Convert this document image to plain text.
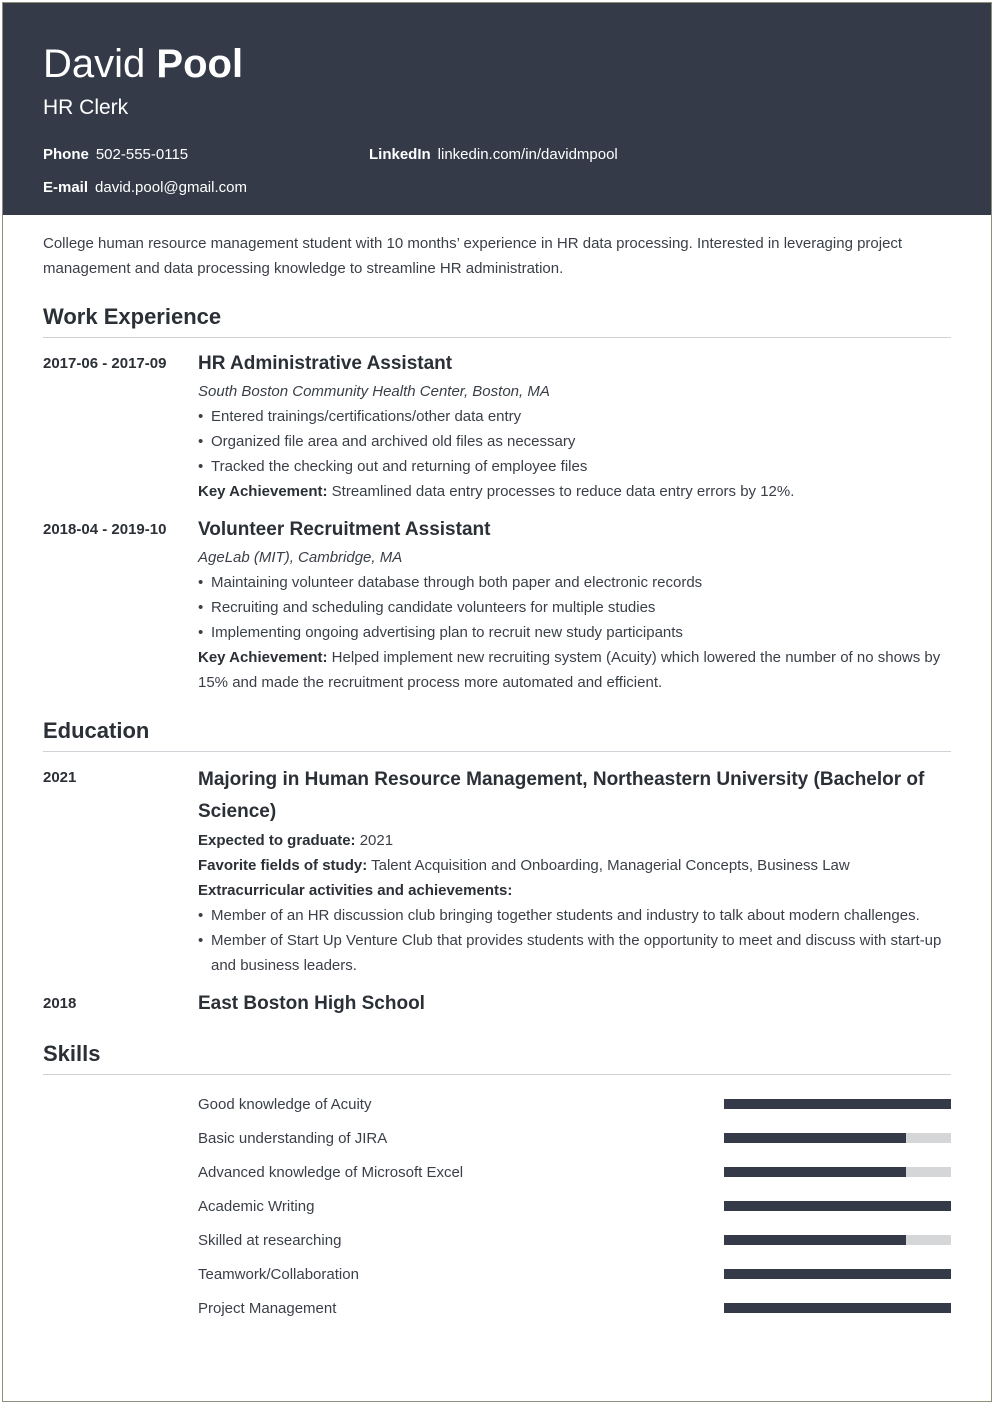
David Pool
HR Clerk
Phone 502-555-0115	LinkedIn linkedin.com/in/davidmpool
E-mail david.pool@gmail.com
College human resource management student with 10 months’ experience in HR data processing. Interested in leveraging project management and data processing knowledge to streamline HR administration.
Work Experience
2017-06 - 2017-09	HR Administrative Assistant
South Boston Community Health Center, Boston, MA
• Entered trainings/certifications/other data entry
• Organized file area and archived old files as necessary
• Tracked the checking out and returning of employee files
Key Achievement: Streamlined data entry processes to reduce data entry errors by 12%.
2018-04 - 2019-10	Volunteer Recruitment Assistant
AgeLab (MIT), Cambridge, MA
• Maintaining volunteer database through both paper and electronic records
• Recruiting and scheduling candidate volunteers for multiple studies
• Implementing ongoing advertising plan to recruit new study participants
Key Achievement: Helped implement new recruiting system (Acuity) which lowered the number of no shows by 15% and made the recruitment process more automated and efficient.
Education
2021	Majoring in Human Resource Management, Northeastern University (Bachelor of Science)
Expected to graduate: 2021
Favorite fields of study: Talent Acquisition and Onboarding, Managerial Concepts, Business Law
Extracurricular activities and achievements:
• Member of an HR discussion club bringing together students and industry to talk about modern challenges.
• Member of Start Up Venture Club that provides students with the opportunity to meet and discuss with start-up and business leaders.
2018	East Boston High School
Skills
Good knowledge of Acuity
Basic understanding of JIRA
Advanced knowledge of Microsoft Excel
Academic Writing
Skilled at researching
Teamwork/Collaboration
Project Management
